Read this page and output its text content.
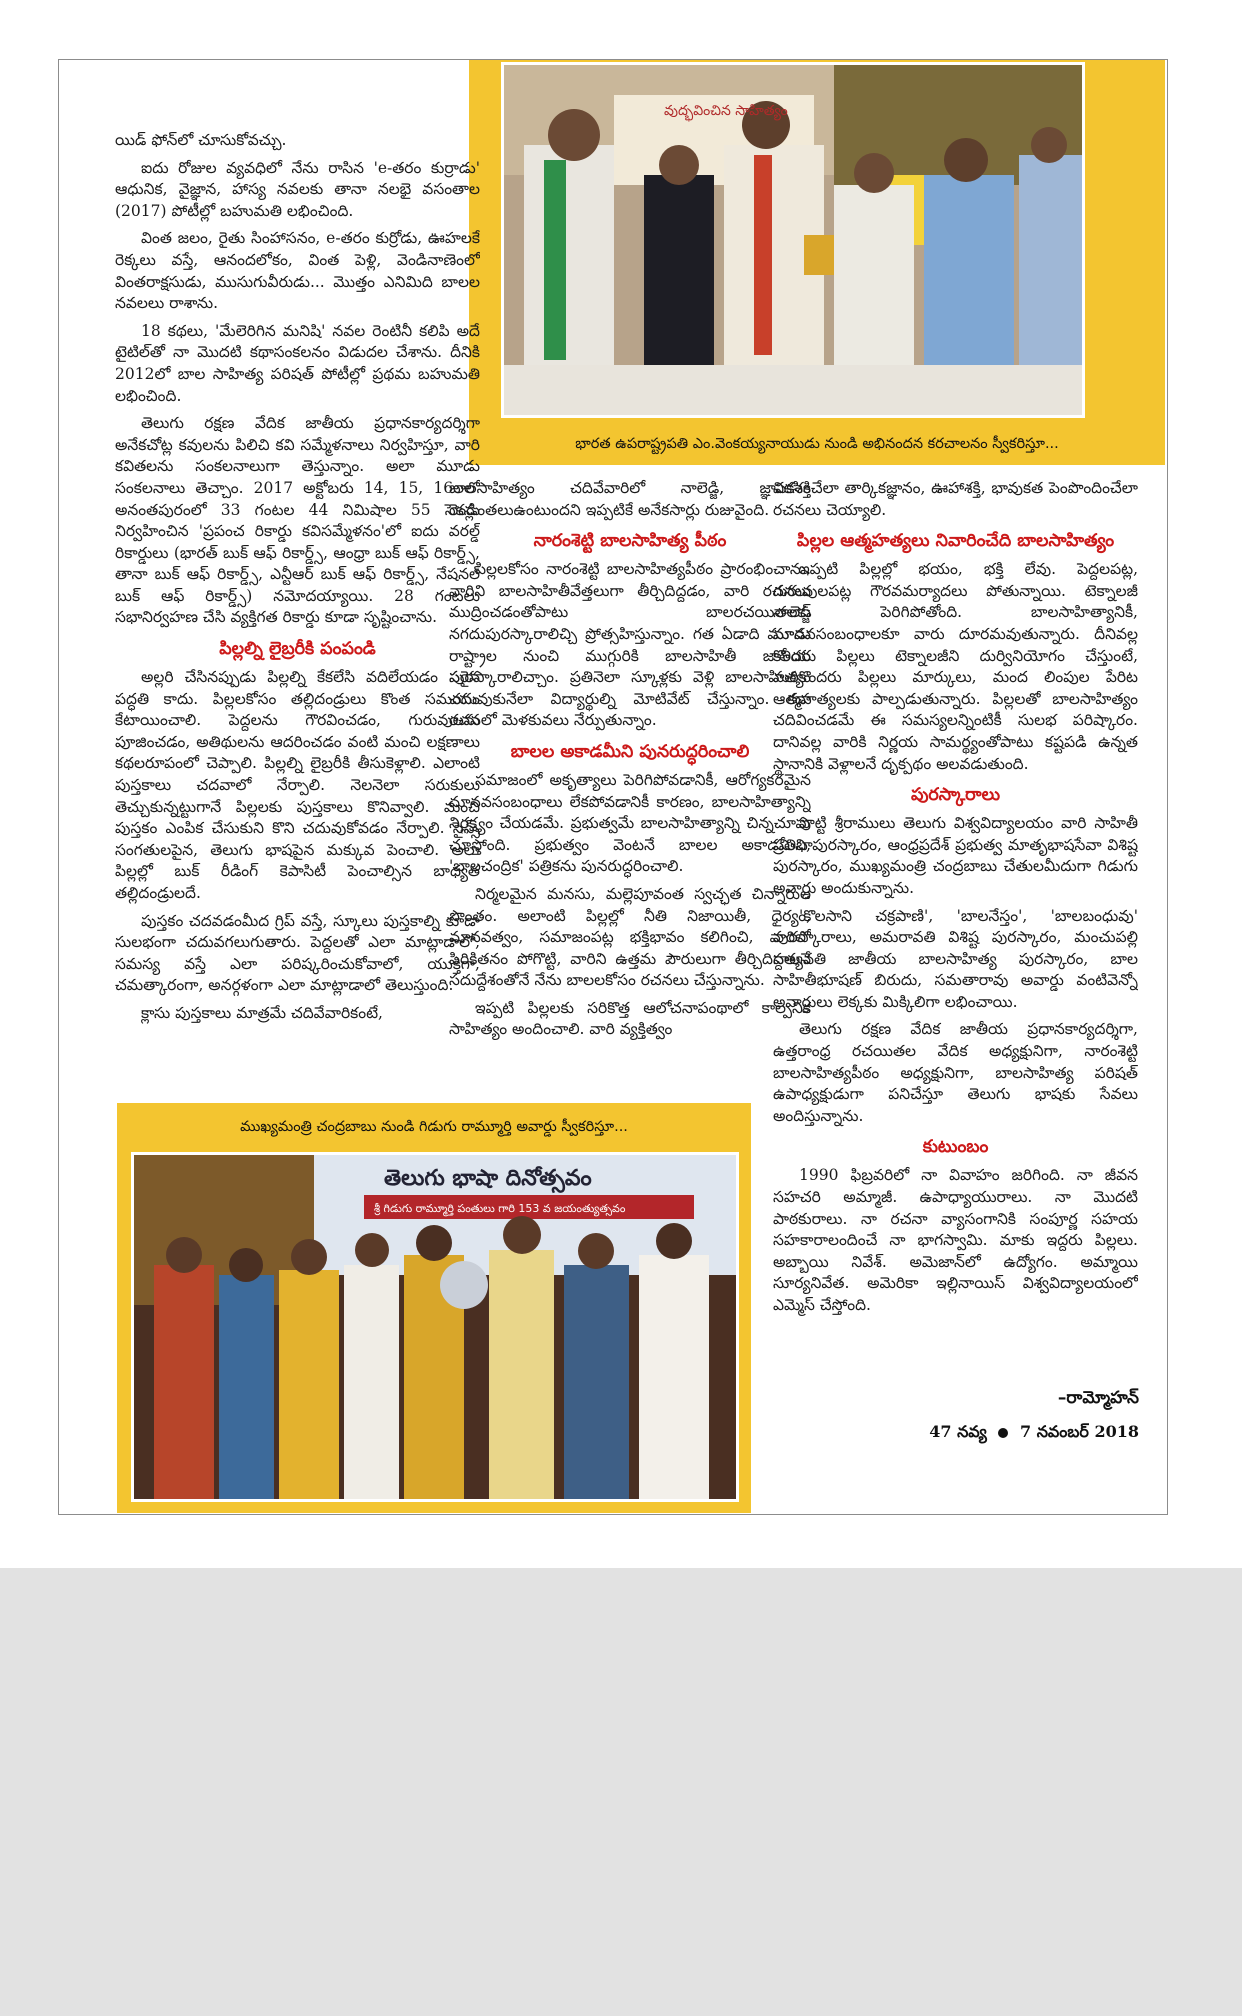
వుద్భవించిన సాహిత్యం
భారత ఉపరాష్ట్రపతి ఎం.వెంకయ్యనాయుడు నుండి అభినందన కరచాలనం స్వీకరిస్తూ...

యిడ్ ఫోన్‌లో చూసుకోవచ్చు.

ఐదు రోజుల వ్యవధిలో నేను రాసిన 'e-తరం కుర్రాడు' ఆధునిక, వైజ్ఞాన, హాస్య నవలకు తానా నలభై వసంతాల (2017) పోటీల్లో బహుమతి లభించింది.

వింత జలం, రైతు సింహాసనం, e-తరం కుర్రోడు, ఊహలకే రెక్కలు వస్తే, ఆనందలోకం, వింత పెళ్లి, వెండినాణెంలో వింతరాక్షసుడు, ముసుగువీరుడు... మొత్తం ఎనిమిది బాలల నవలలు రాశాను.

18 కథలు, 'మేలెరిగిన మనిషి' నవల రెంటినీ కలిపి అదే టైటిల్‌తో నా మొదటి కథాసంకలనం విడుదల చేశాను. దీనికి 2012లో బాల సాహిత్య పరిషత్ పోటీల్లో ప్రథమ బహుమతి లభించింది.

తెలుగు రక్షణ వేదిక జాతీయ ప్రధానకార్యదర్శిగా అనేకచోట్ల కవులను పిలిచి కవి సమ్మేళనాలు నిర్వహిస్తూ, వారి కవితలను సంకలనాలుగా తెస్తున్నాం. అలా మూడు సంకలనాలు తెచ్చాం. 2017 అక్టోబరు 14, 15, 16లలో అనంతపురంలో 33 గంటల 44 నిమిషాల 55 సెకన్లు నిర్వహించిన 'ప్రపంచ రికార్డు కవిసమ్మేళనం'లో ఐదు వరల్డ్ రికార్డులు (భారత్ బుక్ ఆఫ్ రికార్డ్స్, ఆంధ్రా బుక్ ఆఫ్ రికార్డ్స్, తానా బుక్ ఆఫ్ రికార్డ్స్, ఎన్టీఆర్ బుక్ ఆఫ్ రికార్డ్స్, నేషనల్ బుక్ ఆఫ్ రికార్డ్స్) నమోదయ్యాయి. 28 గంటలు సభానిర్వహణ చేసి వ్యక్తిగత రికార్డు కూడా సృష్టించాను.

పిల్లల్ని లైబ్రరీకి పంపండి

అల్లరి చేసినప్పుడు పిల్లల్ని కేకలేసి వదిలేయడం సరైన పద్ధతి కాదు. పిల్లలకోసం తల్లిదండ్రులు కొంత సమయం కేటాయించాలి. పెద్దలను గౌరవించడం, గురువులను పూజించడం, అతిథులను ఆదరించడం వంటి మంచి లక్షణాలు కథలరూపంలో చెప్పాలి. పిల్లల్ని లైబ్రరీకి తీసుకెళ్లాలి. ఎలాంటి పుస్తకాలు చదవాలో నేర్పాలి. నెలనెలా సరుకులు తెచ్చుకున్నట్టుగానే పిల్లలకు పుస్తకాలు కొనివ్వాలి. మంచి పుస్తకం ఎంపిక చేసుకుని కొని చదువుకోవడం నేర్పాలి. సైన్స్ సంగతులపైన, తెలుగు భాషపైన మక్కువ పెంచాలి. అలా పిల్లల్లో బుక్ రీడింగ్ కెపాసిటీ పెంచాల్సిన బాధ్యత తల్లిదండ్రులదే.

పుస్తకం చదవడంమీద గ్రిప్ వస్తే, స్కూలు పుస్తకాల్ని కూడా సులభంగా చదువగలుగుతారు. పెద్దలతో ఎలా మాట్లాడాలో, సమస్య వస్తే ఎలా పరిష్కరించుకోవాలో, యుక్తిగా, చమత్కారంగా, అనర్గళంగా ఎలా మాట్లాడాలో తెలుస్తుంది.

క్లాసు పుస్తకాలు మాత్రమే చదివేవారికంటే,

బాలసాహిత్యం చదివేవారిలో నాలెడ్జి, జ్ఞాపకశక్తి రెండింతలుఉంటుందని ఇప్పటికే అనేకసార్లు రుజువైంది.

నారంశెట్టి బాలసాహిత్య పీఠం

పిల్లలకోసం నారంశెట్టి బాలసాహిత్యపీఠం ప్రారంభించాను. వారిని బాలసాహితీవేత్తలుగా తీర్చిదిద్దడం, వారి రచనలు ముద్రించడంతోపాటు బాలరచయితలకు నగదుపురస్కారాలిచ్చి ప్రోత్సహిస్తున్నాం. గత ఏడాది మూడు రాష్ట్రాల నుంచి ముగ్గురికి బాలసాహితీ జాతీయ పురస్కారాలిచ్చాం. ప్రతినెలా స్కూళ్లకు వెళ్లి బాలసాహిత్యం చదువుకునేలా విద్యార్థుల్ని మోటివేట్ చేస్తున్నాం. కథా రచనలో మెళకువలు నేర్పుతున్నాం.

బాలల అకాడమీని పునరుద్ధరించాలి

సమాజంలో అకృత్యాలు పెరిగిపోవడానికీ, ఆరోగ్యకరమైన మానవసంబంధాలు లేకపోవడానికీ కారణం, బాలసాహిత్యాన్ని నిర్లక్ష్యం చేయడమే. ప్రభుత్వమే బాలసాహిత్యాన్ని చిన్నచూపు చూస్తోంది. ప్రభుత్వం వెంటనే బాలల అకాడమీని, 'బాలచంద్రిక' పత్రికను పునరుద్ధరించాలి.

నిర్మలమైన మనసు, మల్లెపూవంత స్వచ్ఛత చిన్నారుల సొంతం. అలాంటి పిల్లల్లో నీతి నిజాయితీ, ధైర్యం, మానవత్వం, సమాజంపట్ల భక్తిభావం కలిగించి, వారిలో పిరికితనం పోగొట్టి, వారిని ఉత్తమ పౌరులుగా తీర్చిదిద్దాలనే సదుద్దేశంతోనే నేను బాలలకోసం రచనలు చేస్తున్నాను.

ఇప్పటి పిల్లలకు సరికొత్త ఆలోచనాపంథాలో కాల్పనిక సాహిత్యం అందించాలి. వారి వ్యక్తిత్వం

వికసించేలా తార్కికజ్ఞానం, ఊహాశక్తి, భావుకత పెంపొందించేలా రచనలు చెయ్యాలి.

పిల్లల ఆత్మహత్యలు నివారించేది బాలసాహిత్యం

ఇప్పటి పిల్లల్లో భయం, భక్తి లేవు. పెద్దలపట్ల, గురువులపట్ల గౌరవమర్యాదలు పోతున్నాయి. టెక్నాలజీ నాలెడ్జ్ పెరిగిపోతోంది. బాలసాహిత్యానికీ, మానవసంబంధాలకూ వారు దూరమవుతున్నారు. దీనివల్ల కొందరు పిల్లలు టెక్నాలజీని దుర్వినియోగం చేస్తుంటే, మరికొందరు పిల్లలు మార్కులు, మంద లింపుల పేరిట ఆత్మహత్యలకు పాల్పడుతున్నారు. పిల్లలతో బాలసాహిత్యం చదివించడమే ఈ సమస్యలన్నింటికీ సులభ పరిష్కారం. దానివల్ల వారికి నిర్ణయ సామర్థ్యంతోపాటు కష్టపడి ఉన్నత స్థానానికి వెళ్లాలనే దృక్పథం అలవడుతుంది.

పురస్కారాలు

పొట్టి శ్రీరాములు తెలుగు విశ్వవిద్యాలయం వారి సాహితీ ప్రతిభాపురస్కారం, ఆంధ్రప్రదేశ్ ప్రభుత్వ మాతృభాషసేవా విశిష్ట పురస్కారం, ముఖ్యమంత్రి చంద్రబాబు చేతులమీదుగా గిడుగు అవార్డు అందుకున్నాను.

'కొలసాని చక్రపాణి', 'బాలనేస్తం', 'బాలబంధువు' పురస్కారాలు, అమరావతి విశిష్ట పురస్కారం, మంచుపల్లి సత్యవతి జాతీయ బాలసాహిత్య పురస్కారం, బాల సాహితీభూషణ్ బిరుదు, సమతారావు అవార్డు వంటివెన్నో అవార్డులు లెక్కకు మిక్కిలిగా లభించాయి.

తెలుగు రక్షణ వేదిక జాతీయ ప్రధానకార్యదర్శిగా, ఉత్తరాంధ్ర రచయితల వేదిక అధ్యక్షునిగా, నారంశెట్టి బాలసాహిత్యపీఠం అధ్యక్షునిగా, బాలసాహిత్య పరిషత్ ఉపాధ్యక్షుడుగా పనిచేస్తూ తెలుగు భాషకు సేవలు అందిస్తున్నాను.

కుటుంబం

1990 ఫిబ్రవరిలో నా వివాహం జరిగింది. నా జీవన సహచరి అమ్మాజీ. ఉపాధ్యాయురాలు. నా మొదటి పాఠకురాలు. నా రచనా వ్యాసంగానికి సంపూర్ణ సహయ సహకారాలందించే నా భాగస్వామి. మాకు ఇద్దరు పిల్లలు. అబ్బాయి నివేశ్. అమెజాన్‌లో ఉద్యోగం. అమ్మాయి సూర్యనివేత. అమెరికా ఇల్లినాయిస్ విశ్వవిద్యాలయంలో ఎమ్మెస్ చేస్తోంది.

ముఖ్యమంత్రి చంద్రబాబు నుండి గిడుగు రామ్మూర్తి అవార్డు స్వీకరిస్తూ...
తెలుగు భాషా దినోత్సవం
శ్రీ గిడుగు రామ్మూర్తి పంతులు గారి 153 వ జయంత్యుత్సవం
–రామ్మోహన్
47 నవ్య 7 నవంబర్ 2018
